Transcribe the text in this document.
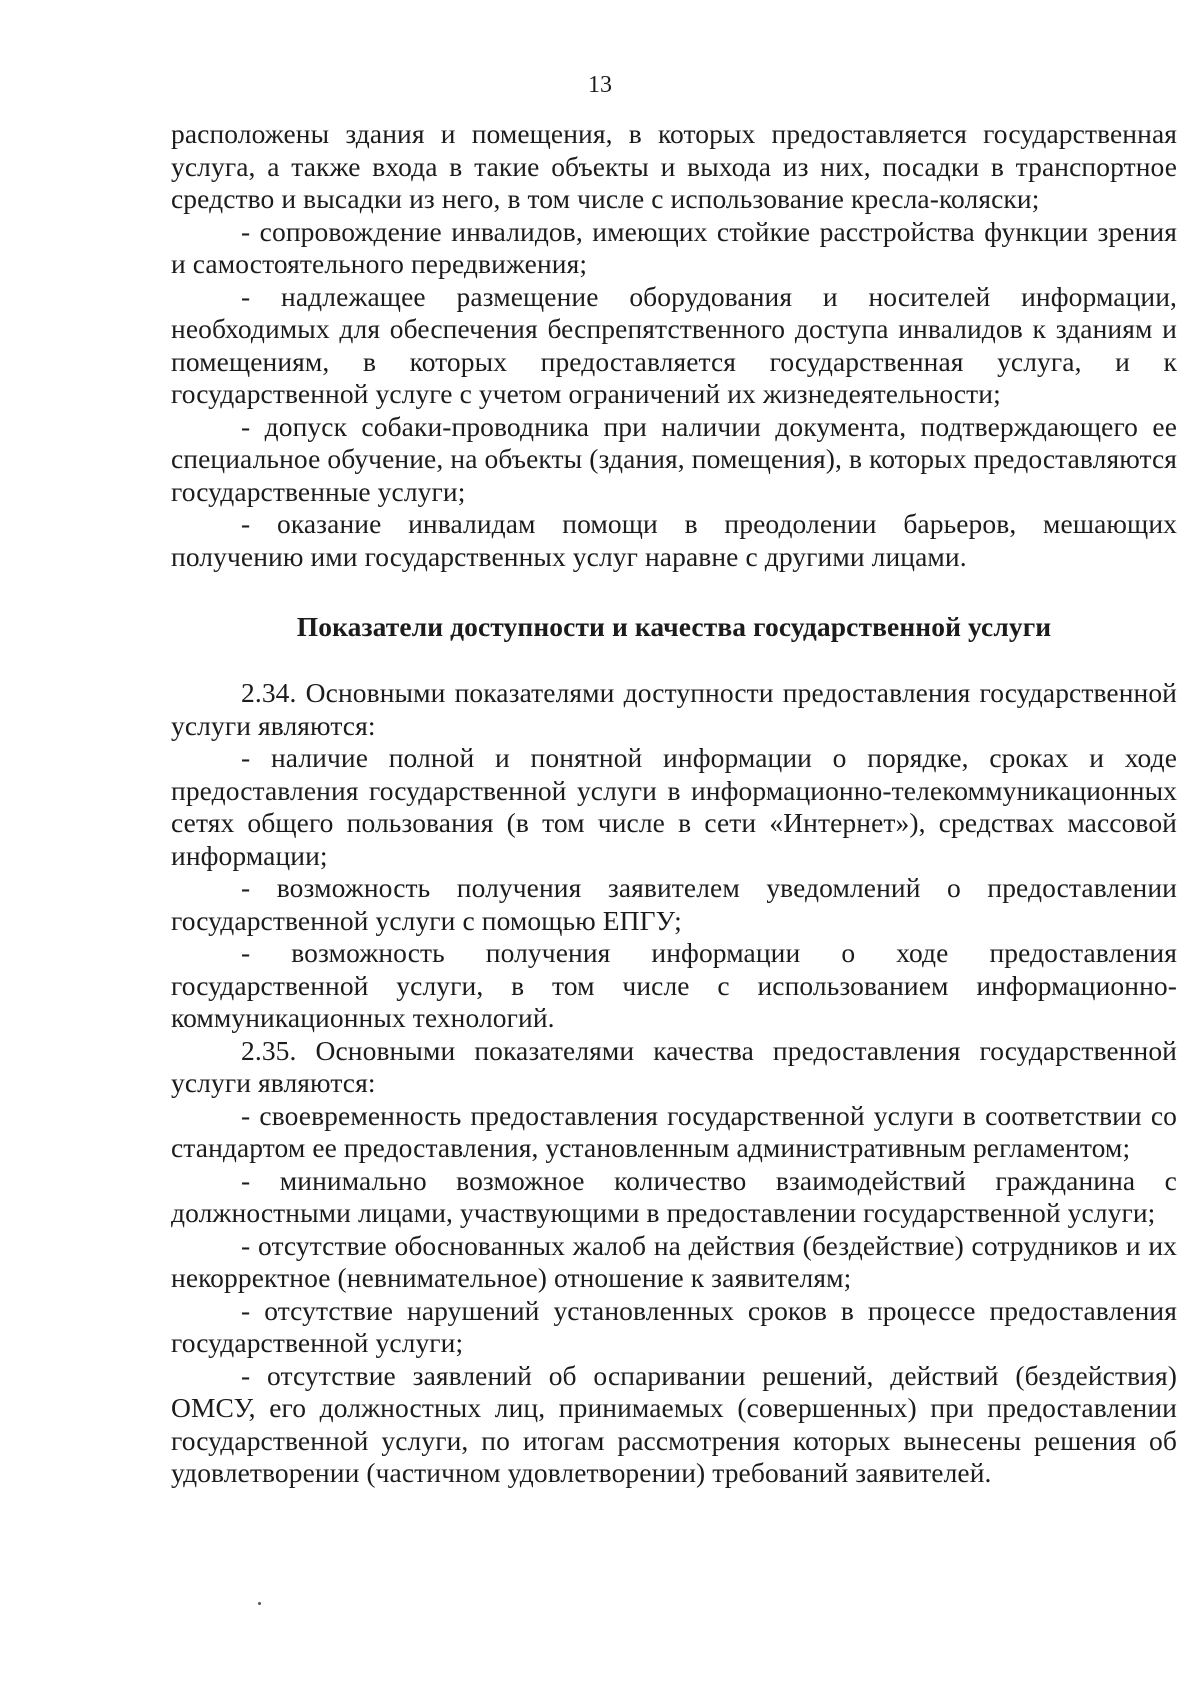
13

расположены здания и помещения, в которых предоставляется государственная услуга, а также входа в такие объекты и выхода из них, посадки в транспортное средство и высадки из него, в том числе с использование кресла-коляски;

- сопровождение инвалидов, имеющих стойкие расстройства функции зрения и самостоятельного передвижения;

- надлежащее размещение оборудования и носителей информации, необходимых для обеспечения беспрепятственного доступа инвалидов к зданиям и помещениям, в которых предоставляется государственная услуга, и к государственной услуге с учетом ограничений их жизнедеятельности;

- допуск собаки-проводника при наличии документа, подтверждающего ее специальное обучение, на объекты (здания, помещения), в которых предоставляются государственные услуги;

- оказание инвалидам помощи в преодолении барьеров, мешающих получению ими государственных услуг наравне с другими лицами.

Показатели доступности и качества государственной услуги

2.34. Основными показателями доступности предоставления государственной услуги являются:

- наличие полной и понятной информации о порядке, сроках и ходе предоставления государственной услуги в информационно-телекоммуникационных сетях общего пользования (в том числе в сети «Интернет»), средствах массовой информации;

- возможность получения заявителем уведомлений о предоставлении государственной услуги с помощью ЕПГУ;

- возможность получения информации о ходе предоставления государственной услуги, в том числе с использованием информационно-коммуникационных технологий.

2.35. Основными показателями качества предоставления государственной услуги являются:

- своевременность предоставления государственной услуги в соответствии со стандартом ее предоставления, установленным административным регламентом;

- минимально возможное количество взаимодействий гражданина с должностными лицами, участвующими в предоставлении государственной услуги;

- отсутствие обоснованных жалоб на действия (бездействие) сотрудников и их некорректное (невнимательное) отношение к заявителям;

- отсутствие нарушений установленных сроков в процессе предоставления государственной услуги;

- отсутствие заявлений об оспаривании решений, действий (бездействия) ОМСУ, его должностных лиц, принимаемых (совершенных) при предоставлении государственной услуги, по итогам рассмотрения которых вынесены решения об удовлетворении (частичном удовлетворении) требований заявителей.
